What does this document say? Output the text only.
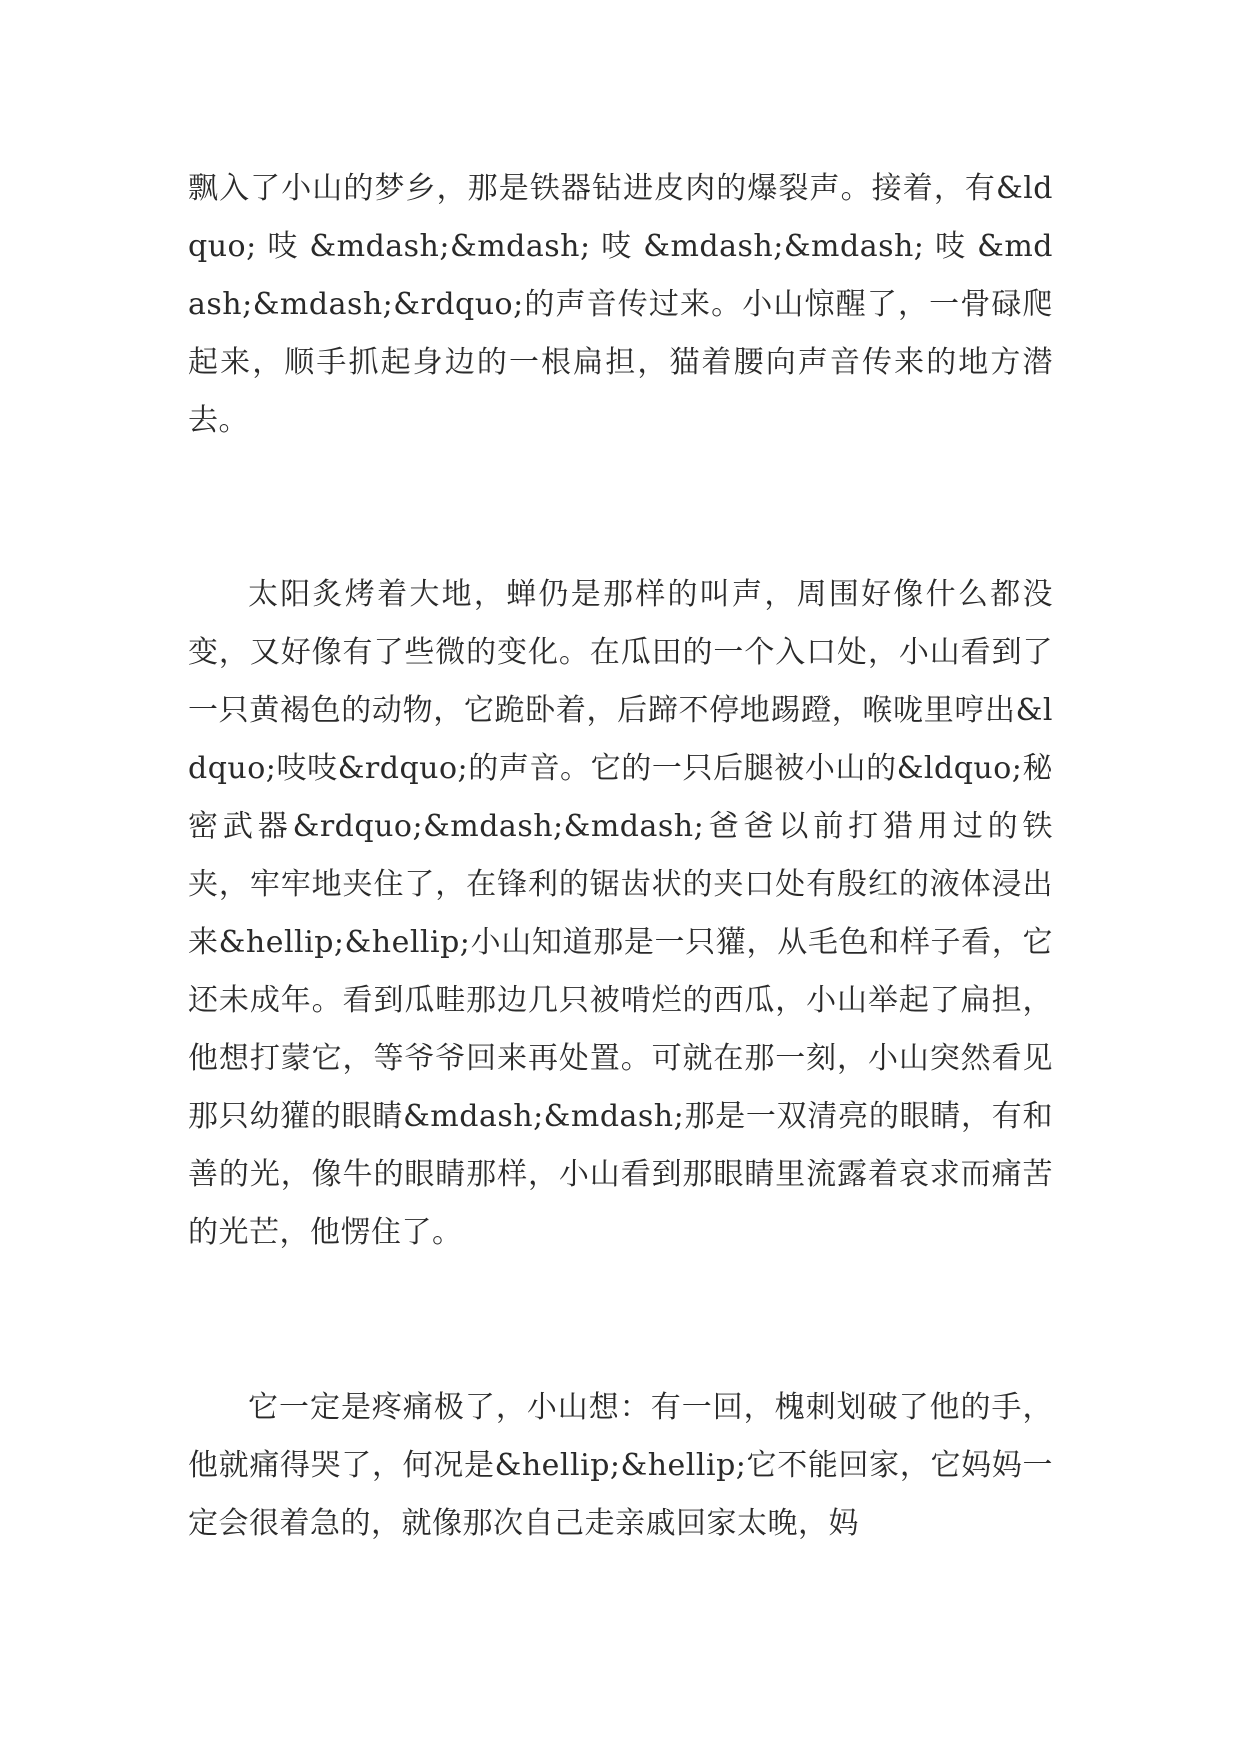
飘入了小山的梦乡，那是铁器钻进皮肉的爆裂声。接着，有&ldquo; 吱 &mdash;&mdash; 吱 &mdash;&mdash; 吱 &mdash;&mdash;&rdquo;的声音传过来。小山惊醒了，一骨碌爬起来，顺手抓起身边的一根扁担，猫着腰向声音传来的地方潜去。

太阳炙烤着大地，蝉仍是那样的叫声，周围好像什么都没变，又好像有了些微的变化。在瓜田的一个入口处，小山看到了一只黄褐色的动物，它跪卧着，后蹄不停地踢蹬，喉咙里哼出&ldquo;吱吱&rdquo;的声音。它的一只后腿被小山的&ldquo;秘密武器&rdquo;&mdash;&mdash;爸爸以前打猎用过的铁夹，牢牢地夹住了，在锋利的锯齿状的夹口处有殷红的液体浸出来&hellip;&hellip;小山知道那是一只獾，从毛色和样子看，它还未成年。看到瓜畦那边几只被啃烂的西瓜，小山举起了扁担，他想打蒙它，等爷爷回来再处置。可就在那一刻，小山突然看见那只幼獾的眼睛&mdash;&mdash;那是一双清亮的眼睛，有和善的光，像牛的眼睛那样，小山看到那眼睛里流露着哀求而痛苦的光芒，他愣住了。

它一定是疼痛极了，小山想：有一回，槐刺划破了他的手，他就痛得哭了，何况是&hellip;&hellip;它不能回家，它妈妈一定会很着急的，就像那次自己走亲戚回家太晚，妈
